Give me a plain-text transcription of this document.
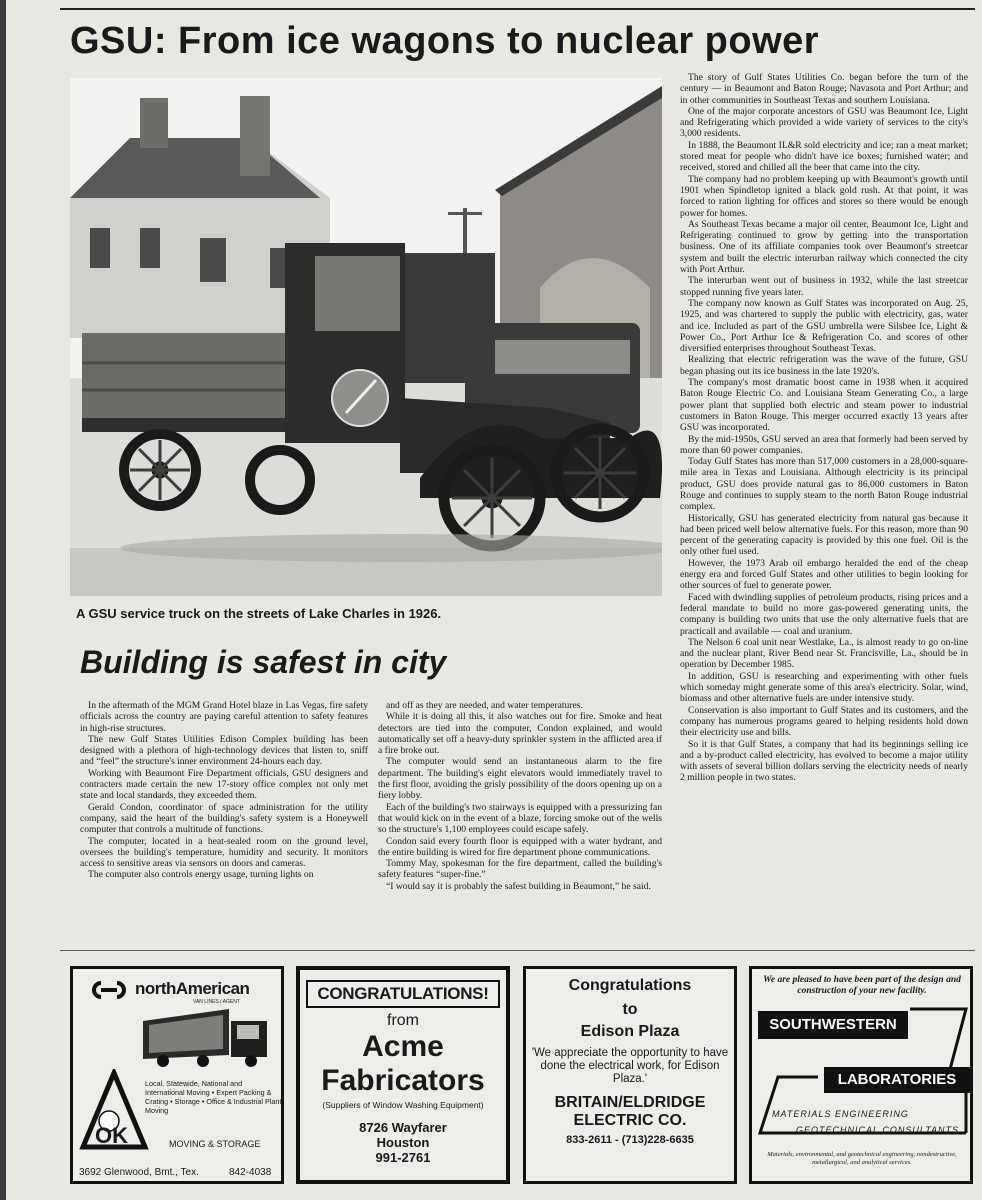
GSU: From ice wagons to nuclear power
A GSU service truck on the streets of Lake Charles in 1926.

The story of Gulf States Utilities Co. began before the turn of the century — in Beaumont and Baton Rouge; Navasota and Port Arthur; and in other communities in Southeast Texas and southern Louisiana.

One of the major corporate ancestors of GSU was Beaumont Ice, Light and Refrigerating which provided a wide variety of services to the city's 3,000 residents.

In 1888, the Beaumont IL&R sold electricity and ice; ran a meat market; stored meat for people who didn't have ice boxes; furnished water; and received, stored and chilled all the beer that came into the city.

The company had no problem keeping up with Beaumont's growth until 1901 when Spindletop ignited a black gold rush. At that point, it was forced to ration lighting for offices and stores so there would be enough power for homes.

As Southeast Texas became a major oil center, Beaumont Ice, Light and Refrigerating continued to grow by getting into the transportation business. One of its affiliate companies took over Beaumont's streetcar system and built the electric interurban railway which connected the city with Port Arthur.

The interurban went out of business in 1932, while the last streetcar stopped running five years later.

The company now known as Gulf States was incorporated on Aug. 25, 1925, and was chartered to supply the public with electricity, gas, water and ice. Included as part of the GSU umbrella were Silsbee Ice, Light & Power Co., Port Arthur Ice & Refrigeration Co. and scores of other diversified enterprises throughout Southeast Texas.

Realizing that electric refrigeration was the wave of the future, GSU began phasing out its ice business in the late 1920's.

The company's most dramatic boost came in 1938 when it acquired Baton Rouge Electric Co. and Louisiana Steam Generating Co., a large power plant that supplied both electric and steam power to industrial customers in Baton Rouge. This merger occurred exactly 13 years after GSU was incorporated.

By the mid-1950s, GSU served an area that formerly had been served by more than 60 power companies.

Today Gulf States has more than 517,000 customers in a 28,000-square-mile area in Texas and Louisiana. Although electricity is its principal product, GSU does provide natural gas to 86,000 customers in Baton Rouge and continues to supply steam to the north Baton Rouge industrial complex.

Historically, GSU has generated electricity from natural gas because it had been priced well below alternative fuels. For this reason, more than 90 percent of the generating capacity is provided by this one fuel. Oil is the only other fuel used.

However, the 1973 Arab oil embargo heralded the end of the cheap energy era and forced Gulf States and other utilities to begin looking for other sources of fuel to generate power.

Faced with dwindling supplies of petroleum products, rising prices and a federal mandate to build no more gas-powered generating units, the company is building two units that use the only alternative fuels that are practicall and available — coal and uranium.

The Nelson 6 coal unit near Westlake, La., is almost ready to go on-line and the nuclear plant, River Bend near St. Francisville, La., should be in operation by December 1985.

In addition, GSU is researching and experimenting with other fuels which someday might generate some of this area's electricity. Solar, wind, biomass and other alternative fuels are under intensive study.

Conservation is also important to Gulf States and its customers, and the company has numerous programs geared to helping residents hold down their electricity use and bills.

So it is that Gulf States, a company that had its beginnings selling ice and a by-product called electricity, has evolved to become a major utility with assets of several billion dollars serving the electricity needs of nearly 2 million people in two states.

Building is safest in city

In the aftermath of the MGM Grand Hotel blaze in Las Vegas, fire safety officials across the country are paying careful attention to safety features in high-rise structures.

The new Gulf States Utilities Edison Complex building has been designed with a plethora of high-technology devices that listen to, sniff and “feel” the structure's inner environment 24-hours each day.

Working with Beaumont Fire Department officials, GSU designers and contracters made certain the new 17-story office complex not only met state and local standards, they exceeded them.

Gerald Condon, coordinator of space administration for the utility company, said the heart of the building's safety system is a Honeywell computer that controls a multitude of functions.

The computer, located in a heat-sealed room on the ground level, oversees the building's temperature, humidity and security. It monitors access to sensitive areas via sensors on doors and cameras.

The computer also controls energy usage, turning lights on

and off as they are needed, and water temperatures.

While it is doing all this, it also watches out for fire. Smoke and heat detectors are tied into the computer, Condon explained, and would automatically set off a heavy-duty sprinkler system in the afflicted area if a fire broke out.

The computer would send an instantaneous alarm to the fire department. The building's eight elevators would immediately travel to the first floor, avoiding the grisly possibility of the doors opening up on a fiery lobby.

Each of the building's two stairways is equipped with a pressurizing fan that would kick on in the event of a blaze, forcing smoke out of the wells so the structure's 1,100 employees could escape safely.

Condon said every fourth floor is equipped with a water hydrant, and the entire building is wired for fire department phone communications.

Tommy May, spokesman for the fire department, called the building's safety features “super-fine.”

“I would say it is probably the safest building in Beaumont,” he said.

northAmerican
VAN LINES / AGENT
OK
Local, Statewide, National and International Moving • Expert Packing & Crating • Storage • Office & Industrial Plant Moving
MOVING & STORAGE
3692 Glenwood, Bmt., Tex.	842-4038
CONGRATULATIONS!
from
Acme
Fabricators
(Suppliers of Window Washing Equipment)
8726 Wayfarer
Houston
991-2761
Congratulations
to
Edison Plaza
'We appreciate the opportunity to have done the electrical work, for Edison Plaza.'
BRITAIN/ELDRIDGE
ELECTRIC CO.
833-2611 - (713)228-6635
We are pleased to have been part of the design and construction of your new facility.
SOUTHWESTERN
LABORATORIES
MATERIALS ENGINEERING
GEOTECHNICAL CONSULTANTS
Materials, environmental, and geotechnical engineering, nondestructive, metallurgical, and analytical services.
